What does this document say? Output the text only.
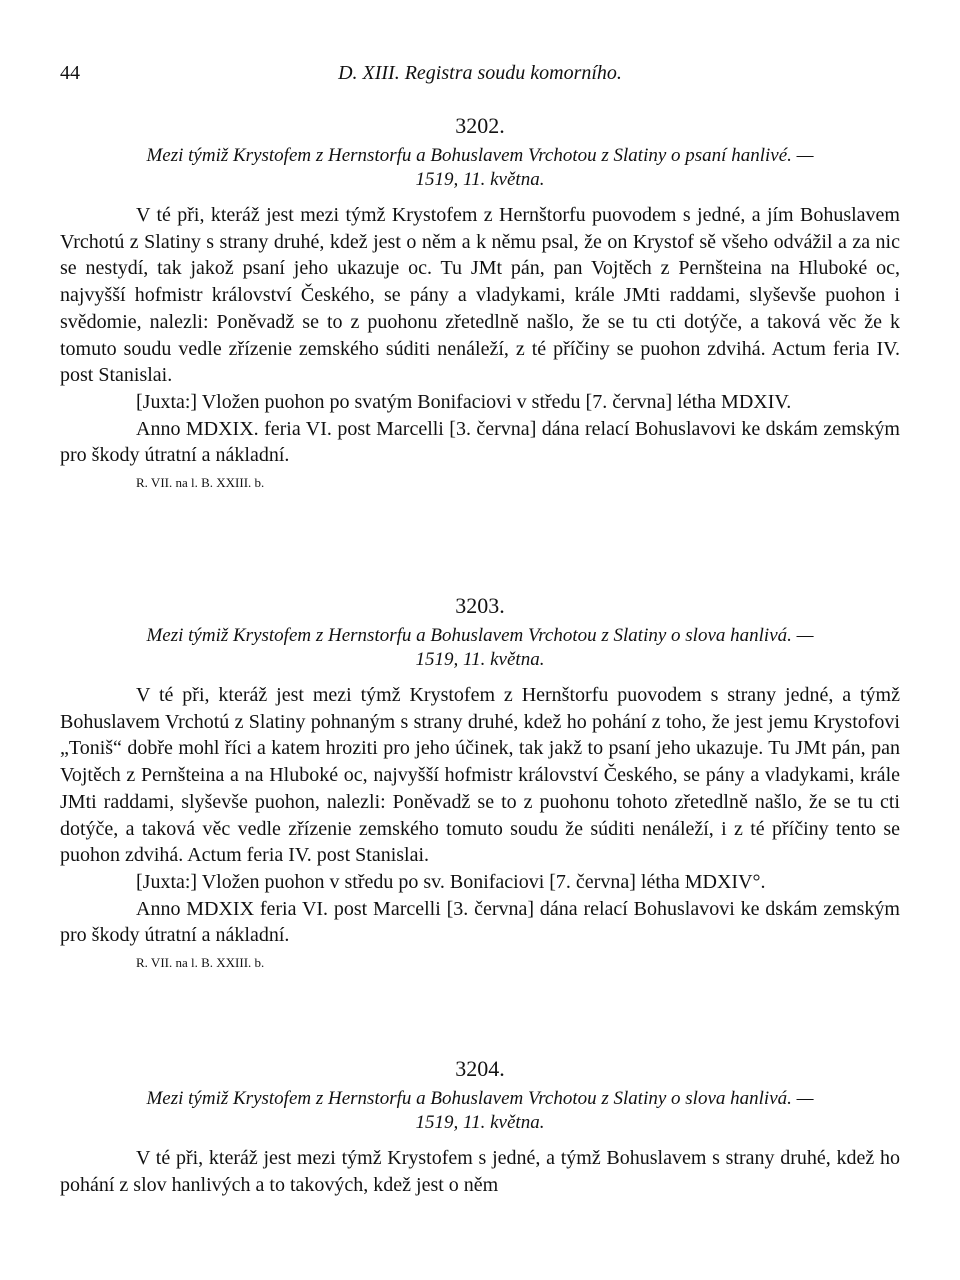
44	D. XIII. Registra soudu komorního.
3202.
Mezi týmiž Krystofem z Hernstorfu a Bohuslavem Vrchotou z Slatiny o psaní hanlivé. —
1519, 11. května.

V té při, kteráž jest mezi týmž Krystofem z Hernštorfu puovodem s jedné, a jím Bohuslavem Vrchotú z Slatiny s strany druhé, kdež jest o něm a k němu psal, že on Krystof sě všeho odvážil a za nic se nestydí, tak jakož psaní jeho ukazuje oc. Tu JMt pán, pan Vojtěch z Pernšteina na Hluboké oc, najvyšší hofmistr království Českého, se pány a vladykami, králе JMti raddami, slyševše puohon i svědomie, nalezli: Poněvadž se to z puohonu zřetedlně našlo, že se tu cti dotýče, a taková věc že k tomuto soudu vedle zřízenie zemského súditi nenáleží, z té příčiny se puohon zdvihá. Actum feria IV. post Stanislai.

[Juxta:] Vložen puohon po svatým Bonifaciovi v středu [7. června] létha MDXIV.

Anno MDXIX. feria VI. post Marcelli [3. června] dána relací Bohuslavovi ke dskám zemským pro škody útratní a nákladní.

R. VII. na l. B. XXIII. b.
3203.
Mezi týmiž Krystofem z Hernstorfu a Bohuslavem Vrchotou z Slatiny o slova hanlivá. —
1519, 11. května.

V té při, kteráž jest mezi týmž Krystofem z Hernštorfu puovodem s strany jedné, a týmž Bohuslavem Vrchotú z Slatiny pohnaným s strany druhé, kdež ho pohání z toho, že jest jemu Krystofovi „Toniš“ dobře mohl říci a katem hroziti pro jeho účinek, tak jakž to psaní jeho ukazuje. Tu JMt pán, pan Vojtěch z Pernšteina a na Hluboké oc, najvyšší hofmistr království Českého, se pány a vladykami, krále JMti raddami, slyševše puohon, nalezli: Poněvadž se to z puohonu tohoto zřetedlně našlo, že se tu cti dotýče, a taková věc vedle zřízenie zemského tomuto soudu že súditi nenáleží, i z té příčiny tento se puohon zdvihá. Actum feria IV. post Stanislai.

[Juxta:] Vložen puohon v středu po sv. Bonifaciovi [7. června] létha MDXIV°.

Anno MDXIX feria VI. post Marcelli [3. června] dána relací Bohuslavovi ke dskám zemským pro škody útratní a nákladní.

R. VII. na l. B. XXIII. b.
3204.
Mezi týmiž Krystofem z Hernstorfu a Bohuslavem Vrchotou z Slatiny o slova hanlivá. —
1519, 11. května.

V té při, kteráž jest mezi týmž Krystofem s jedné, a týmž Bohuslavem s strany druhé, kdež ho pohání z slov hanlivých a to takových, kdež jest o něm
